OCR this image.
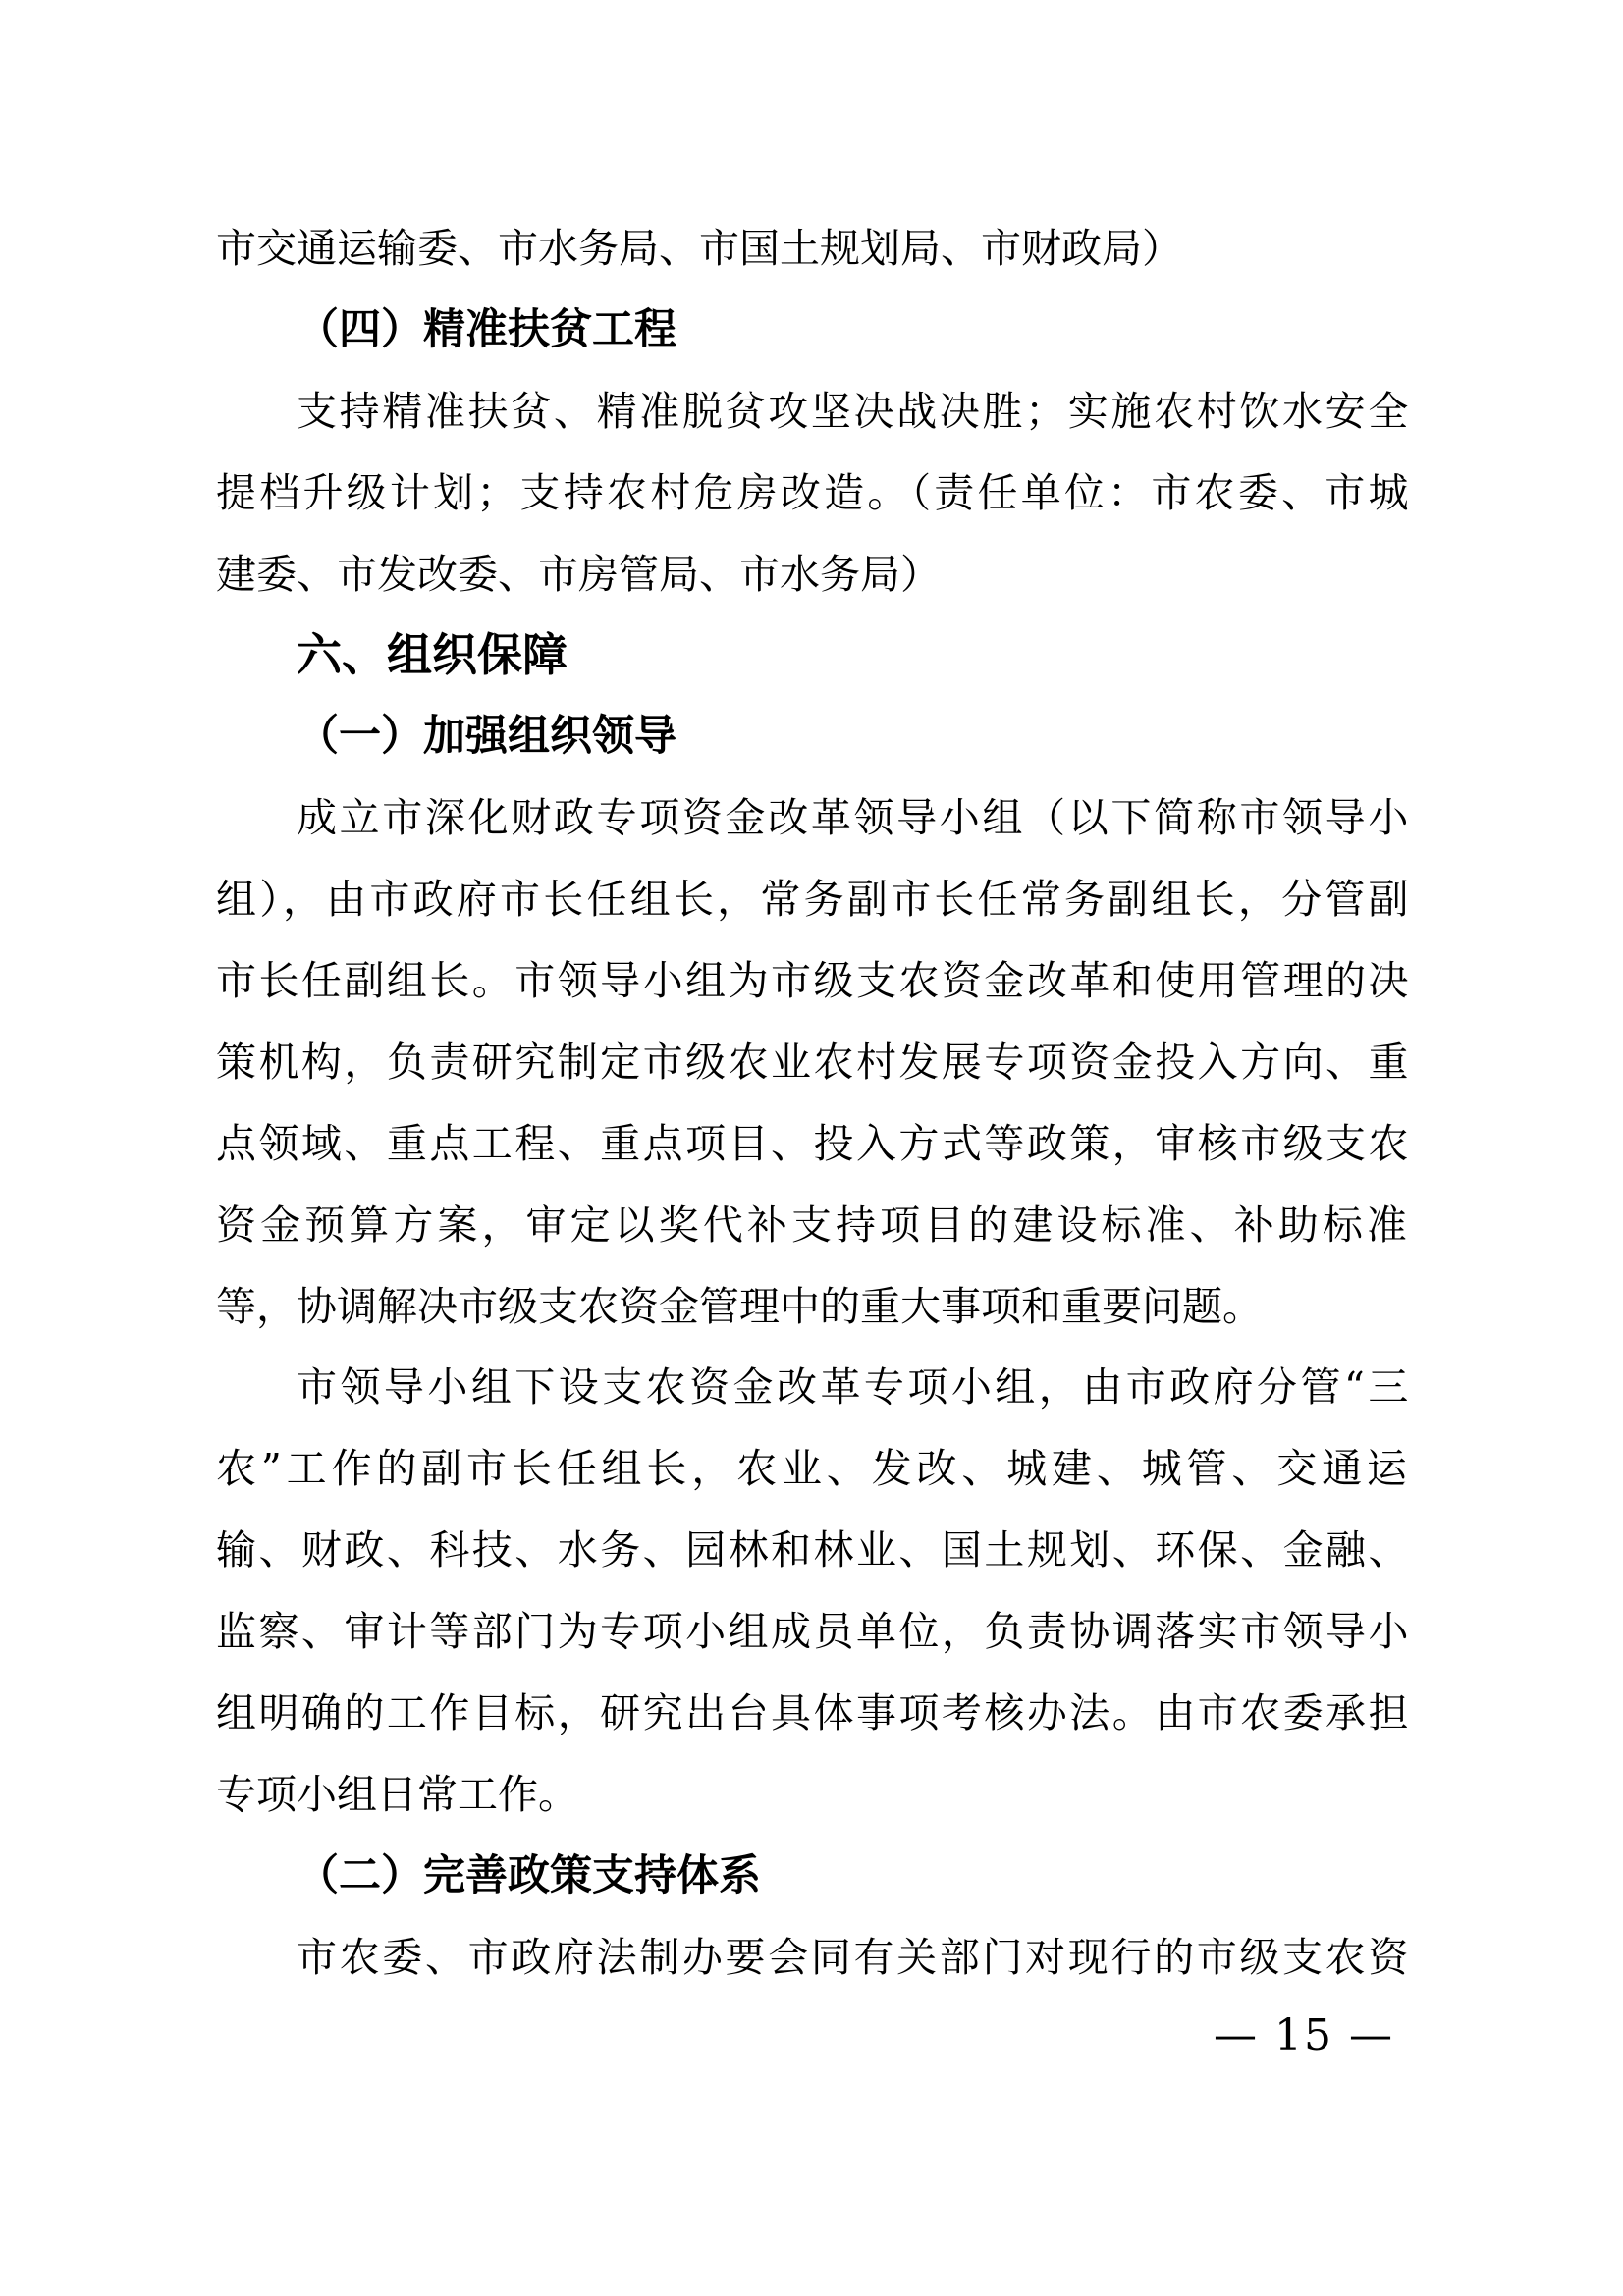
市交通运输委、市水务局、市国土规划局、市财政局）
（四）精准扶贫工程
支持精准扶贫、精准脱贫攻坚决战决胜；实施农村饮水安全
提档升级计划；支持农村危房改造。（责任单位：市农委、市城
建委、市发改委、市房管局、市水务局）
六、组织保障
（一）加强组织领导
成立市深化财政专项资金改革领导小组（以下简称市领导小
组），由市政府市长任组长，常务副市长任常务副组长，分管副
市长任副组长。市领导小组为市级支农资金改革和使用管理的决
策机构，负责研究制定市级农业农村发展专项资金投入方向、重
点领域、重点工程、重点项目、投入方式等政策，审核市级支农
资金预算方案，审定以奖代补支持项目的建设标准、补助标准
等，协调解决市级支农资金管理中的重大事项和重要问题。
市领导小组下设支农资金改革专项小组，由市政府分管“三
农”工作的副市长任组长，农业、发改、城建、城管、交通运
输、财政、科技、水务、园林和林业、国土规划、环保、金融、
监察、审计等部门为专项小组成员单位，负责协调落实市领导小
组明确的工作目标，研究出台具体事项考核办法。由市农委承担
专项小组日常工作。
（二）完善政策支持体系
市农委、市政府法制办要会同有关部门对现行的市级支农资
— 15 —
